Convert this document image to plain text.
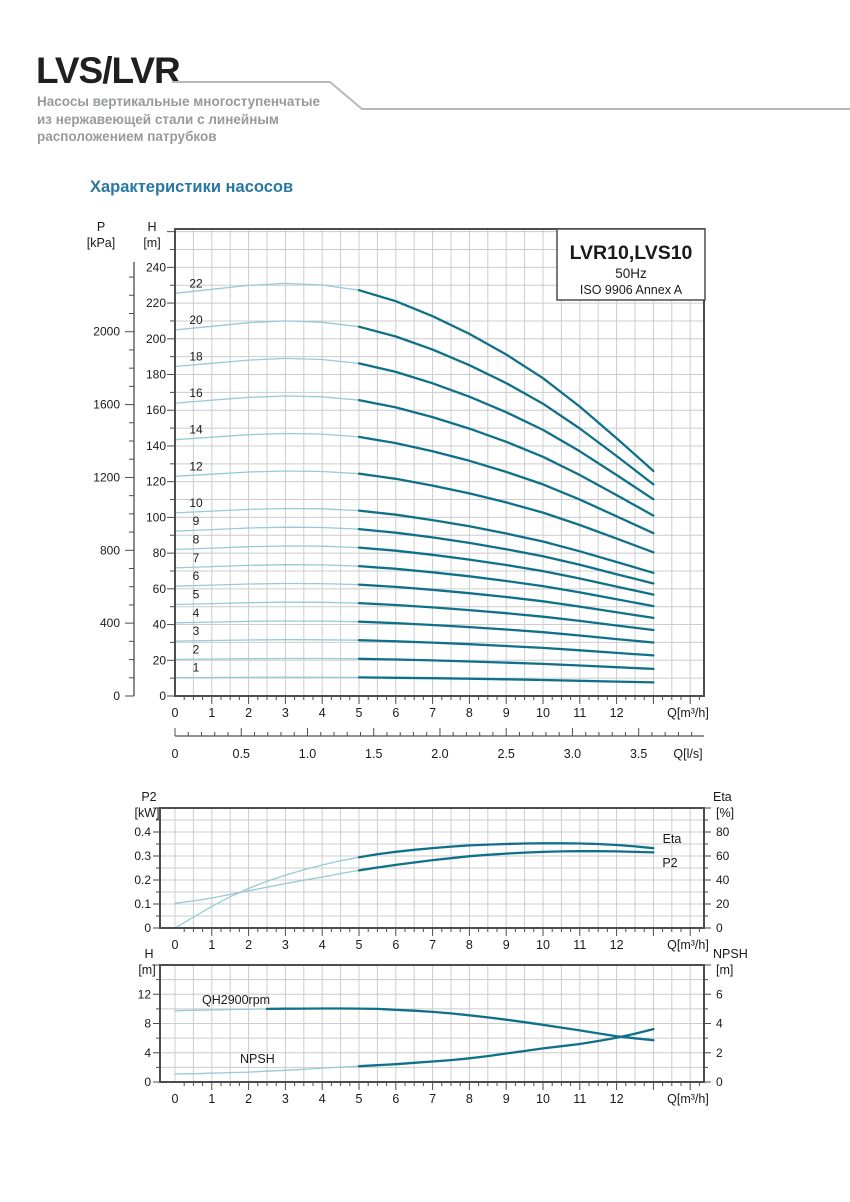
LVS/LVR
Насосы вертикальные многоступенчатые
из нержавеющей стали с линейным
расположением патрубков
Характеристики насосов
1
2
3
4
5
6
7
8
9
10
12
14
16
18
20
22
0
20
40
60
80
100
120
140
160
180
200
220
240
H
[m]
0
400
800
1200
1600
2000
P
[kPa]
0 1 2 3 4 5 6 7 8 9 10 11 12	Q[m³/h]
0	0.5	1.0	1.5	2.0	2.5	3.0	3.5 Q[l/s]
LVR10,LVS10
50Hz
ISO 9906 Annex A
0
0.1
0.2
0.3
0.4
P2
[kW]
0
20
40
60
80
Eta
[%]
0 1 2 3 4 5 6 7 8 9 10 11 12	Q[m³/h]
P2
Eta
0
4
8
12
H
[m]
0
2
4
6
NPSH
[m]
0 1 2 3 4 5 6 7 8 9 10 11 12	Q[m³/h]
QH2900rpm
NPSH
